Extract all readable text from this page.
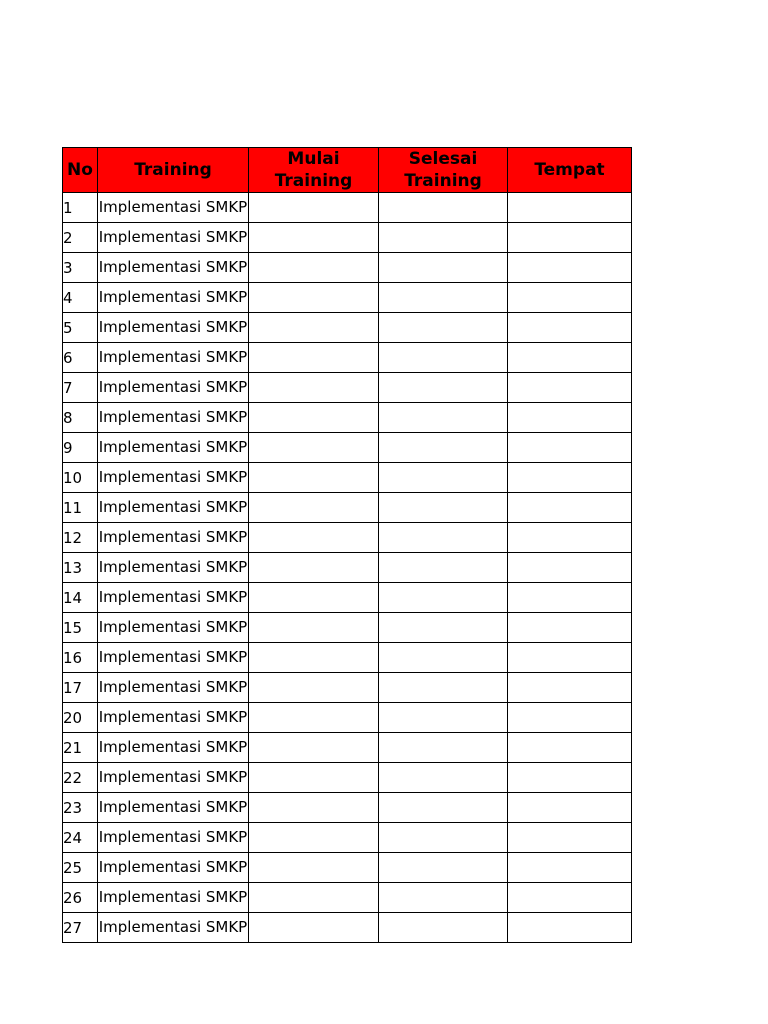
No	Training	Mulai Training	Selesai Training	Tempat
1	Implementasi SMKP			
2	Implementasi SMKP			
3	Implementasi SMKP			
4	Implementasi SMKP			
5	Implementasi SMKP			
6	Implementasi SMKP			
7	Implementasi SMKP			
8	Implementasi SMKP			
9	Implementasi SMKP			
10	Implementasi SMKP			
11	Implementasi SMKP			
12	Implementasi SMKP			
13	Implementasi SMKP			
14	Implementasi SMKP			
15	Implementasi SMKP			
16	Implementasi SMKP			
17	Implementasi SMKP			
20	Implementasi SMKP			
21	Implementasi SMKP			
22	Implementasi SMKP			
23	Implementasi SMKP			
24	Implementasi SMKP			
25	Implementasi SMKP			
26	Implementasi SMKP			
27	Implementasi SMKP			
